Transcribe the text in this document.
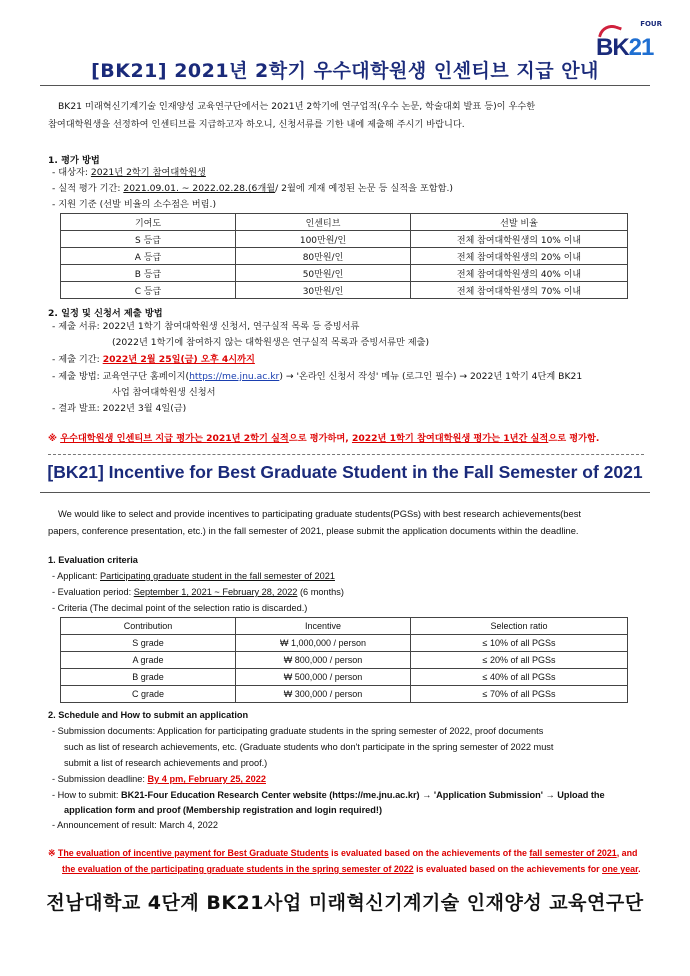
FOUR
BK21
[BK21] 2021년 2학기 우수대학원생 인센티브 지급 안내
BK21 미래혁신기계기술 인재양성 교육연구단에서는 2021년 2학기에 연구업적(우수 논문, 학술대회 발표 등)이 우수한
참여대학원생을 선정하여 인센티브를 지급하고자 하오니, 신청서류를 기한 내에 제출해 주시기 바랍니다.
1. 평가 방법
- 대상자: 2021년 2학기 참여대학원생
- 실적 평가 기간: 2021.09.01. ~ 2022.02.28.(6개월/ 2월에 게재 예정된 논문 등 실적을 포함함.)
- 지원 기준 (선발 비율의 소수점은 버림.)
기여도	인센티브	선발 비율
S 등급	100만원/인	전체 참여대학원생의 10% 이내
A 등급	80만원/인	전체 참여대학원생의 20% 이내
B 등급	50만원/인	전체 참여대학원생의 40% 이내
C 등급	30만원/인	전체 참여대학원생의 70% 이내
2. 일정 및 신청서 제출 방법
- 제출 서류: 2022년 1학기 참여대학원생 신청서, 연구실적 목록 등 증빙서류
(2022년 1학기에 참여하지 않는 대학원생은 연구실적 목록과 증빙서류만 제출)
- 제출 기간: 2022년 2월 25일(금) 오후 4시까지
- 제출 방법: 교육연구단 홈페이지(https://me.jnu.ac.kr) → '온라인 신청서 작성' 메뉴 (로그인 필수) → 2022년 1학기 4단계 BK21
사업 참여대학원생 신청서
- 결과 발표: 2022년 3월 4일(금)
※ 우수대학원생 인센티브 지급 평가는 2021년 2학기 실적으로 평가하며, 2022년 1학기 참여대학원생 평가는 1년간 실적으로 평가함.
[BK21] Incentive for Best Graduate Student in the Fall Semester of 2021
We would like to select and provide incentives to participating graduate students(PGSs) with best research achievements(best
papers, conference presentation, etc.) in the fall semester of 2021, please submit the application documents within the deadline.
1. Evaluation criteria
- Applicant: Participating graduate student in the fall semester of 2021
- Evaluation period: September 1, 2021 ~ February 28, 2022 (6 months)
- Criteria (The decimal point of the selection ratio is discarded.)
Contribution	Incentive	Selection ratio
S grade	₩ 1,000,000 / person	≤ 10% of all PGSs
A grade	₩ 800,000 / person	≤ 20% of all PGSs
B grade	₩ 500,000 / person	≤ 40% of all PGSs
C grade	₩ 300,000 / person	≤ 70% of all PGSs
2. Schedule and How to submit an application
- Submission documents: Application for participating graduate students in the spring semester of 2022, proof documents
such as list of research achievements, etc. (Graduate students who don't participate in the spring semester of 2022 must
submit a list of research achievements and proof.)
- Submission deadline: By 4 pm, February 25, 2022
- How to submit: BK21-Four Education Research Center website (https://me.jnu.ac.kr) → 'Application Submission' → Upload the
application form and proof (Membership registration and login required!)
- Announcement of result: March 4, 2022
※ The evaluation of incentive payment for Best Graduate Students is evaluated based on the achievements of the fall semester of 2021, and
the evaluation of the participating graduate students in the spring semester of 2022 is evaluated based on the achievements for one year.
전남대학교 4단계 BK21사업 미래혁신기계기술 인재양성 교육연구단
